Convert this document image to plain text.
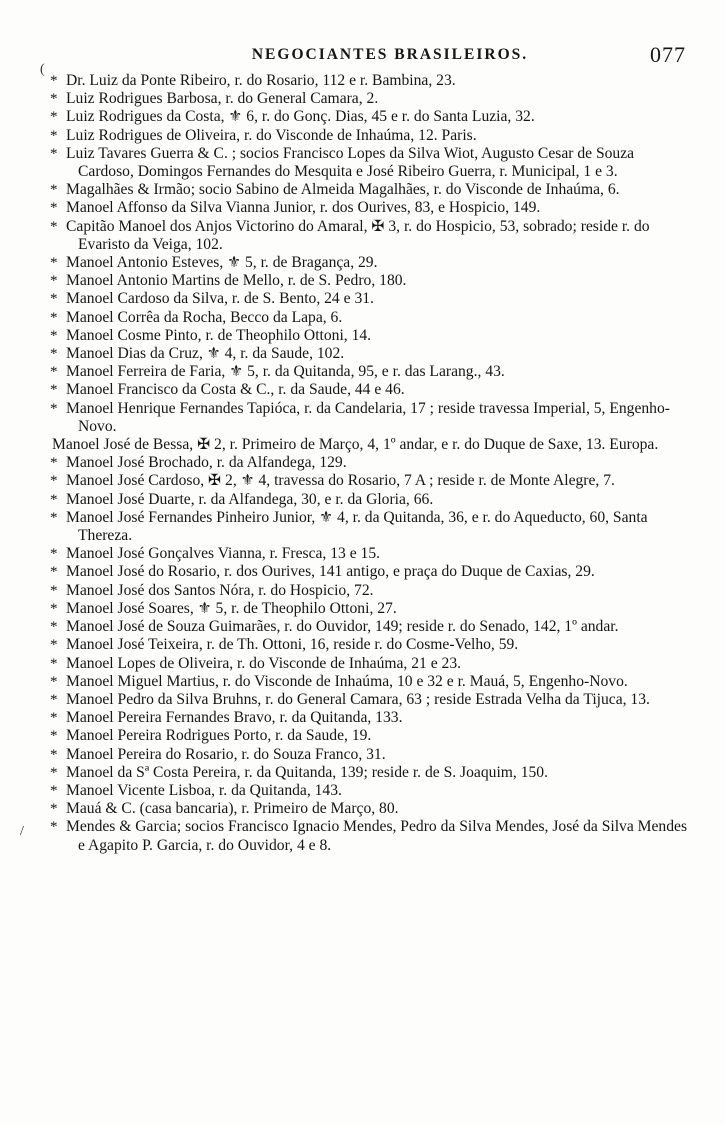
NEGOCIANTES BRASILEIROS.	077
(
/
* Dr. Luiz da Ponte Ribeiro, r. do Rosario, 112 e r. Bambina, 23.
* Luiz Rodrigues Barbosa, r. do General Camara, 2.
* Luiz Rodrigues da Costa, ⚜ 6, r. do Gonç. Dias, 45 e r. do Santa Luzia, 32.
* Luiz Rodrigues de Oliveira, r. do Visconde de Inhaúma, 12. Paris.
* Luiz Tavares Guerra & C. ; socios Francisco Lopes da Silva Wiot, Augusto Cesar de Souza Cardoso, Domingos Fernandes do Mesquita e José Ribeiro Guerra, r. Municipal, 1 e 3.
* Magalhães & Irmão; socio Sabino de Almeida Magalhães, r. do Visconde de Inhaúma, 6.
* Manoel Affonso da Silva Vianna Junior, r. dos Ourives, 83, e Hospicio, 149.
* Capitão Manoel dos Anjos Victorino do Amaral, ✠ 3, r. do Hospicio, 53, sobrado; reside r. do Evaristo da Veiga, 102.
* Manoel Antonio Esteves, ⚜ 5, r. de Bragança, 29.
* Manoel Antonio Martins de Mello, r. de S. Pedro, 180.
* Manoel Cardoso da Silva, r. de S. Bento, 24 e 31.
* Manoel Corrêa da Rocha, Becco da Lapa, 6.
* Manoel Cosme Pinto, r. de Theophilo Ottoni, 14.
* Manoel Dias da Cruz, ⚜ 4, r. da Saude, 102.
* Manoel Ferreira de Faria, ⚜ 5, r. da Quitanda, 95, e r. das Larang., 43.
* Manoel Francisco da Costa & C., r. da Saude, 44 e 46.
* Manoel Henrique Fernandes Tapióca, r. da Candelaria, 17 ; reside travessa Imperial, 5, Engenho-Novo.
Manoel José de Bessa, ✠ 2, r. Primeiro de Março, 4, 1º andar, e r. do Duque de Saxe, 13. Europa.
* Manoel José Brochado, r. da Alfandega, 129.
* Manoel José Cardoso, ✠ 2, ⚜ 4, travessa do Rosario, 7 A ; reside r. de Monte Alegre, 7.
* Manoel José Duarte, r. da Alfandega, 30, e r. da Gloria, 66.
* Manoel José Fernandes Pinheiro Junior, ⚜ 4, r. da Quitanda, 36, e r. do Aqueducto, 60, Santa Thereza.
* Manoel José Gonçalves Vianna, r. Fresca, 13 e 15.
* Manoel José do Rosario, r. dos Ourives, 141 antigo, e praça do Duque de Caxias, 29.
* Manoel José dos Santos Nóra, r. do Hospicio, 72.
* Manoel José Soares, ⚜ 5, r. de Theophilo Ottoni, 27.
* Manoel José de Souza Guimarães, r. do Ouvidor, 149; reside r. do Senado, 142, 1º andar.
* Manoel José Teixeira, r. de Th. Ottoni, 16, reside r. do Cosme-Velho, 59.
* Manoel Lopes de Oliveira, r. do Visconde de Inhaúma, 21 e 23.
* Manoel Miguel Martius, r. do Visconde de Inhaúma, 10 e 32 e r. Mauá, 5, Engenho-Novo.
* Manoel Pedro da Silva Bruhns, r. do General Camara, 63 ; reside Estrada Velha da Tijuca, 13.
* Manoel Pereira Fernandes Bravo, r. da Quitanda, 133.
* Manoel Pereira Rodrigues Porto, r. da Saude, 19.
* Manoel Pereira do Rosario, r. do Souza Franco, 31.
* Manoel da Sª Costa Pereira, r. da Quitanda, 139; reside r. de S. Joaquim, 150.
* Manoel Vicente Lisboa, r. da Quitanda, 143.
* Mauá & C. (casa bancaria), r. Primeiro de Março, 80.
* Mendes & Garcia; socios Francisco Ignacio Mendes, Pedro da Silva Mendes, José da Silva Mendes e Agapito P. Garcia, r. do Ouvidor, 4 e 8.
